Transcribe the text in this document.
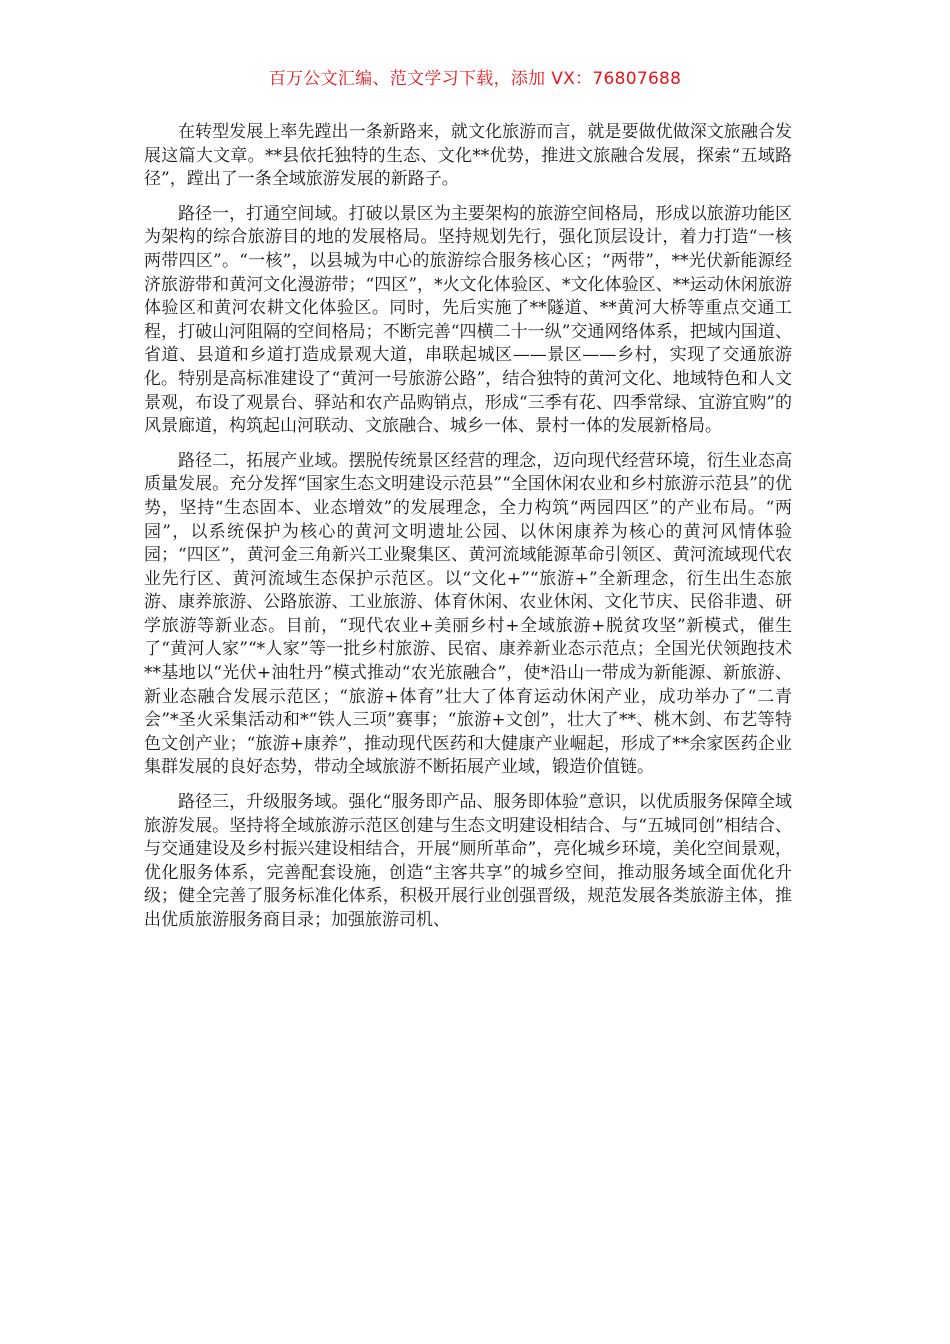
百万公文汇编、范文学习下载，添加 VX：76807688

在转型发展上率先蹚出一条新路来，就文化旅游而言，就是要做优做深文旅融合发展这篇大文章。**县依托独特的生态、文化**优势，推进文旅融合发展，探索“五域路径”，蹚出了一条全域旅游发展的新路子。

路径一，打通空间域。打破以景区为主要架构的旅游空间格局，形成以旅游功能区为架构的综合旅游目的地的发展格局。坚持规划先行，强化顶层设计，着力打造“一核两带四区”。“一核”，以县城为中心的旅游综合服务核心区；“两带”，**光伏新能源经济旅游带和黄河文化漫游带；“四区”，*火文化体验区、*文化体验区、**运动休闲旅游体验区和黄河农耕文化体验区。同时，先后实施了**隧道、**黄河大桥等重点交通工程，打破山河阻隔的空间格局；不断完善“四横二十一纵”交通网络体系，把域内国道、省道、县道和乡道打造成景观大道，串联起城区——景区——乡村，实现了交通旅游化。特别是高标准建设了“黄河一号旅游公路”，结合独特的黄河文化、地域特色和人文景观，布设了观景台、驿站和农产品购销点，形成“三季有花、四季常绿、宜游宜购”的风景廊道，构筑起山河联动、文旅融合、城乡一体、景村一体的发展新格局。

路径二，拓展产业域。摆脱传统景区经营的理念，迈向现代经营环境，衍生业态高质量发展。充分发挥“国家生态文明建设示范县”“全国休闲农业和乡村旅游示范县”的优势，坚持“生态固本、业态增效”的发展理念，全力构筑“两园四区”的产业布局。“两园”，以系统保护为核心的黄河文明遗址公园、以休闲康养为核心的黄河风情体验园；“四区”，黄河金三角新兴工业聚集区、黄河流域能源革命引领区、黄河流域现代农业先行区、黄河流域生态保护示范区。以“文化+”“旅游+”全新理念，衍生出生态旅游、康养旅游、公路旅游、工业旅游、体育休闲、农业休闲、文化节庆、民俗非遗、研学旅游等新业态。目前，“现代农业+美丽乡村+全域旅游+脱贫攻坚”新模式，催生了“黄河人家”“*人家”等一批乡村旅游、民宿、康养新业态示范点；全国光伏领跑技术**基地以“光伏+油牡丹”模式推动“农光旅融合”，使*沿山一带成为新能源、新旅游、新业态融合发展示范区；“旅游+体育”壮大了体育运动休闲产业，成功举办了“二青会”*圣火采集活动和*“铁人三项”赛事；“旅游+文创”，壮大了**、桃木剑、布艺等特色文创产业；“旅游+康养”，推动现代医药和大健康产业崛起，形成了**余家医药企业集群发展的良好态势，带动全域旅游不断拓展产业域，锻造价值链。

路径三，升级服务域。强化“服务即产品、服务即体验”意识，以优质服务保障全域旅游发展。坚持将全域旅游示范区创建与生态文明建设相结合、与“五城同创”相结合、与交通建设及乡村振兴建设相结合，开展“厕所革命”，亮化城乡环境，美化空间景观，优化服务体系，完善配套设施，创造“主客共享”的城乡空间，推动服务域全面优化升级；健全完善了服务标准化体系，积极开展行业创强晋级，规范发展各类旅游主体，推出优质旅游服务商目录；加强旅游司机、
